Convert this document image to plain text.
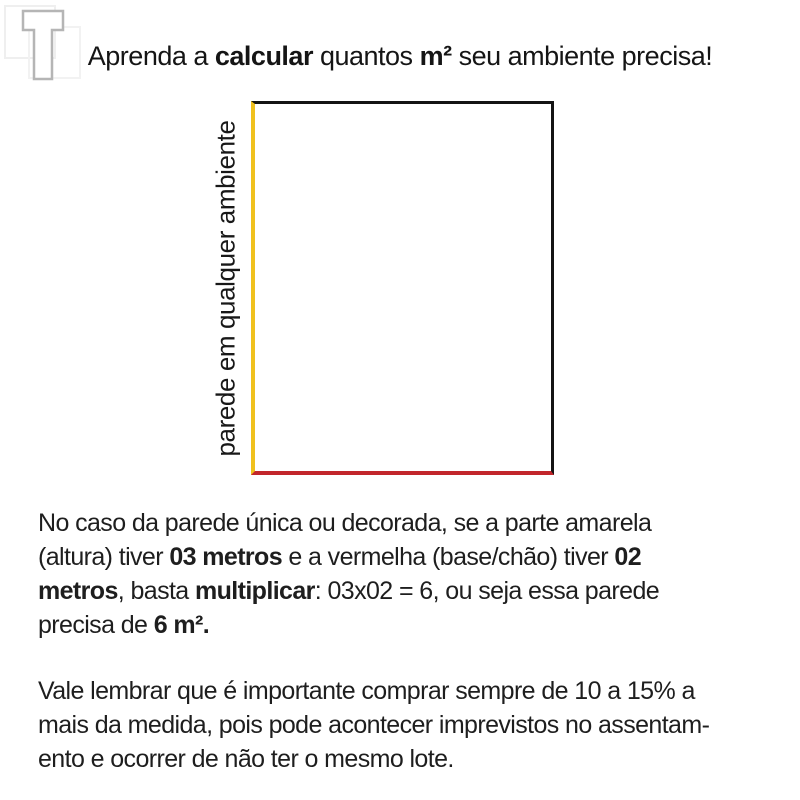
Aprenda a calcular quantos m² seu ambiente precisa!
parede em qualquer ambiente
No caso da parede única ou decorada, se a parte amarela
(altura) tiver 03 metros e a vermelha (base/chão) tiver 02
metros, basta multiplicar: 03x02 = 6, ou seja essa parede
precisa de 6 m².
Vale lembrar que é importante comprar sempre de 10 a 15% a
mais da medida, pois pode acontecer imprevistos no assentam-
ento e ocorrer de não ter o mesmo lote.
